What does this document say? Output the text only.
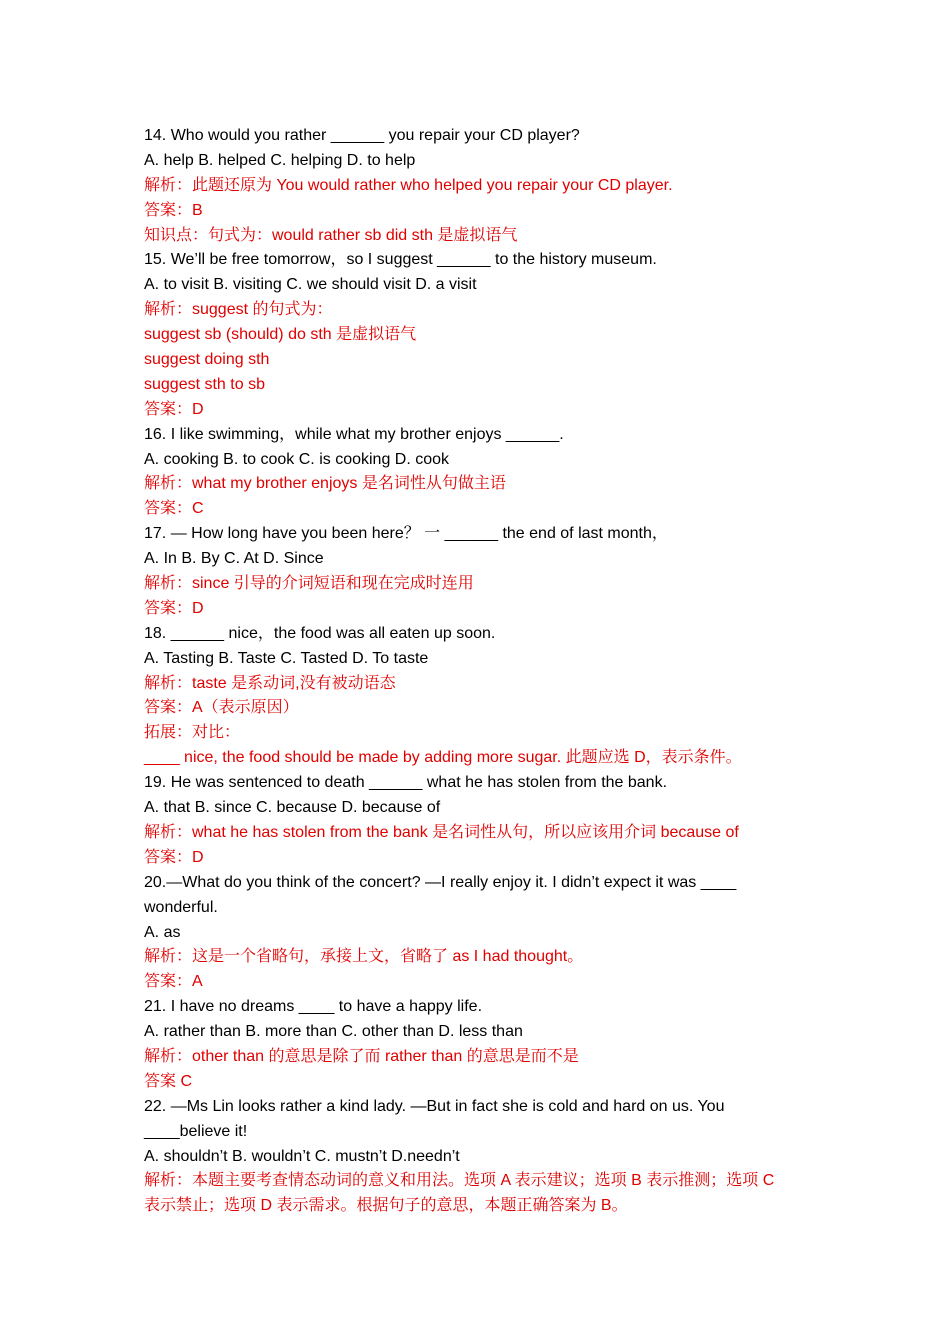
14. Who would you rather ______ you repair your CD player?
A. help B. helped C. helping D. to help
解析：此题还原为 You would rather who helped you repair your CD player.
答案：B
知识点：句式为：would rather sb did sth 是虚拟语气
15. We’ll be free tomorrow，so I suggest ______ to the history museum.
A. to visit B. visiting C. we should visit D. a visit
解析：suggest 的句式为：
suggest sb (should) do sth 是虚拟语气
suggest doing sth
suggest sth to sb
答案：D
16. I like swimming，while what my brother enjoys ______.
A. cooking B. to cook C. is cooking D. cook
解析：what my brother enjoys 是名词性从句做主语
答案：C
17. — How long have you been here？ 一 ______ the end of last month，
A. In B. By C. At D. Since
解析：since 引导的介词短语和现在完成时连用
答案：D
18. ______ nice，the food was all eaten up soon.
A. Tasting B. Taste C. Tasted D. To taste
解析：taste 是系动词,没有被动语态
答案：A（表示原因）
拓展：对比：
____ nice, the food should be made by adding more sugar. 此题应选 D，表示条件。
19. He was sentenced to death ______ what he has stolen from the bank.
A. that B. since C. because D. because of
解析：what he has stolen from the bank 是名词性从句，所以应该用介词 because of
答案：D
20.—What do you think of the concert? —I really enjoy it. I didn’t expect it was ____
wonderful.
A. as
解析：这是一个省略句，承接上文，省略了 as I had thought。
答案：A
21. I have no dreams ____ to have a happy life.
A. rather than B. more than C. other than D. less than
解析：other than 的意思是除了而 rather than 的意思是而不是
答案 C
22. —Ms Lin looks rather a kind lady. —But in fact she is cold and hard on us. You
____believe it!
A. shouldn’t B. wouldn’t C. mustn’t D.needn’t
解析：本题主要考查情态动词的意义和用法。选项 A 表示建议；选项 B 表示推测；选项 C
表示禁止；选项 D 表示需求。根据句子的意思，本题正确答案为 B。
